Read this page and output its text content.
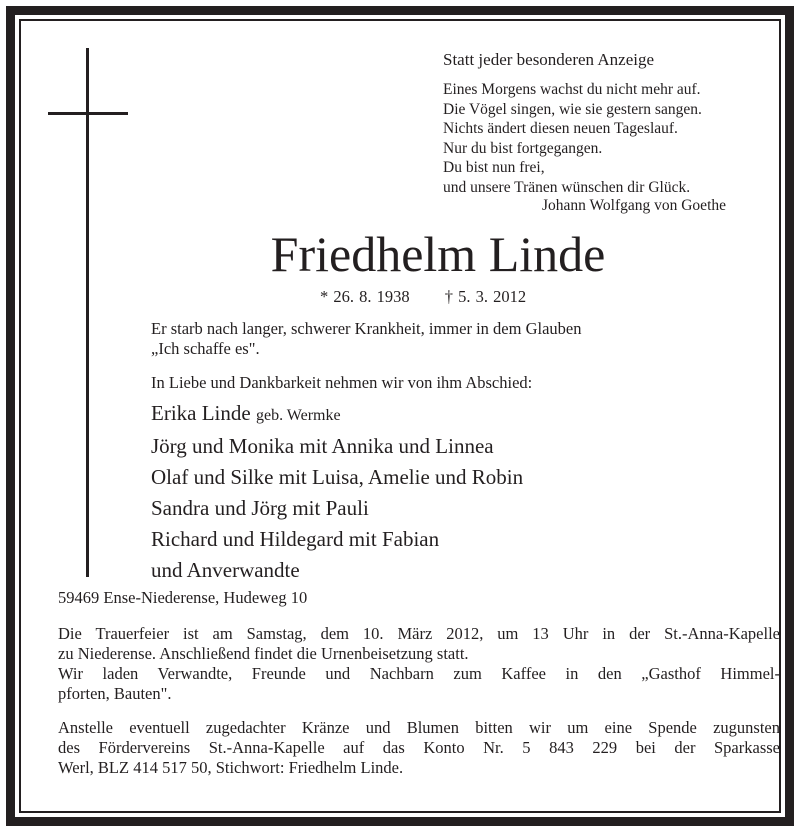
Statt jeder besonderen Anzeige
Eines Morgens wachst du nicht mehr auf.
Die Vögel singen, wie sie gestern sangen.
Nichts ändert diesen neuen Tageslauf.
Nur du bist fortgegangen.
Du bist nun frei,
und unsere Tränen wünschen dir Glück.
Johann Wolfgang von Goethe
Friedhelm Linde
* 26. 8. 1938 † 5. 3. 2012
Er starb nach langer, schwerer Krankheit, immer in dem Glauben
„Ich schaffe es".
In Liebe und Dankbarkeit nehmen wir von ihm Abschied:
Erika Linde geb. Wermke
Jörg und Monika mit Annika und Linnea
Olaf und Silke mit Luisa, Amelie und Robin
Sandra und Jörg mit Pauli
Richard und Hildegard mit Fabian
und Anverwandte
59469 Ense-Niederense, Hudeweg 10

Die Trauerfeier ist am Samstag, dem 10. März 2012, um 13 Uhr in der St.-Anna-Kapelle

zu Niederense. Anschließend findet die Urnenbeisetzung statt.

Wir laden Verwandte, Freunde und Nachbarn zum Kaffee in den „Gasthof Himmel-

pforten, Bauten".

Anstelle eventuell zugedachter Kränze und Blumen bitten wir um eine Spende zugunsten

des Fördervereins St.-Anna-Kapelle auf das Konto Nr. 5 843 229 bei der Sparkasse

Werl, BLZ 414 517 50, Stichwort: Friedhelm Linde.
